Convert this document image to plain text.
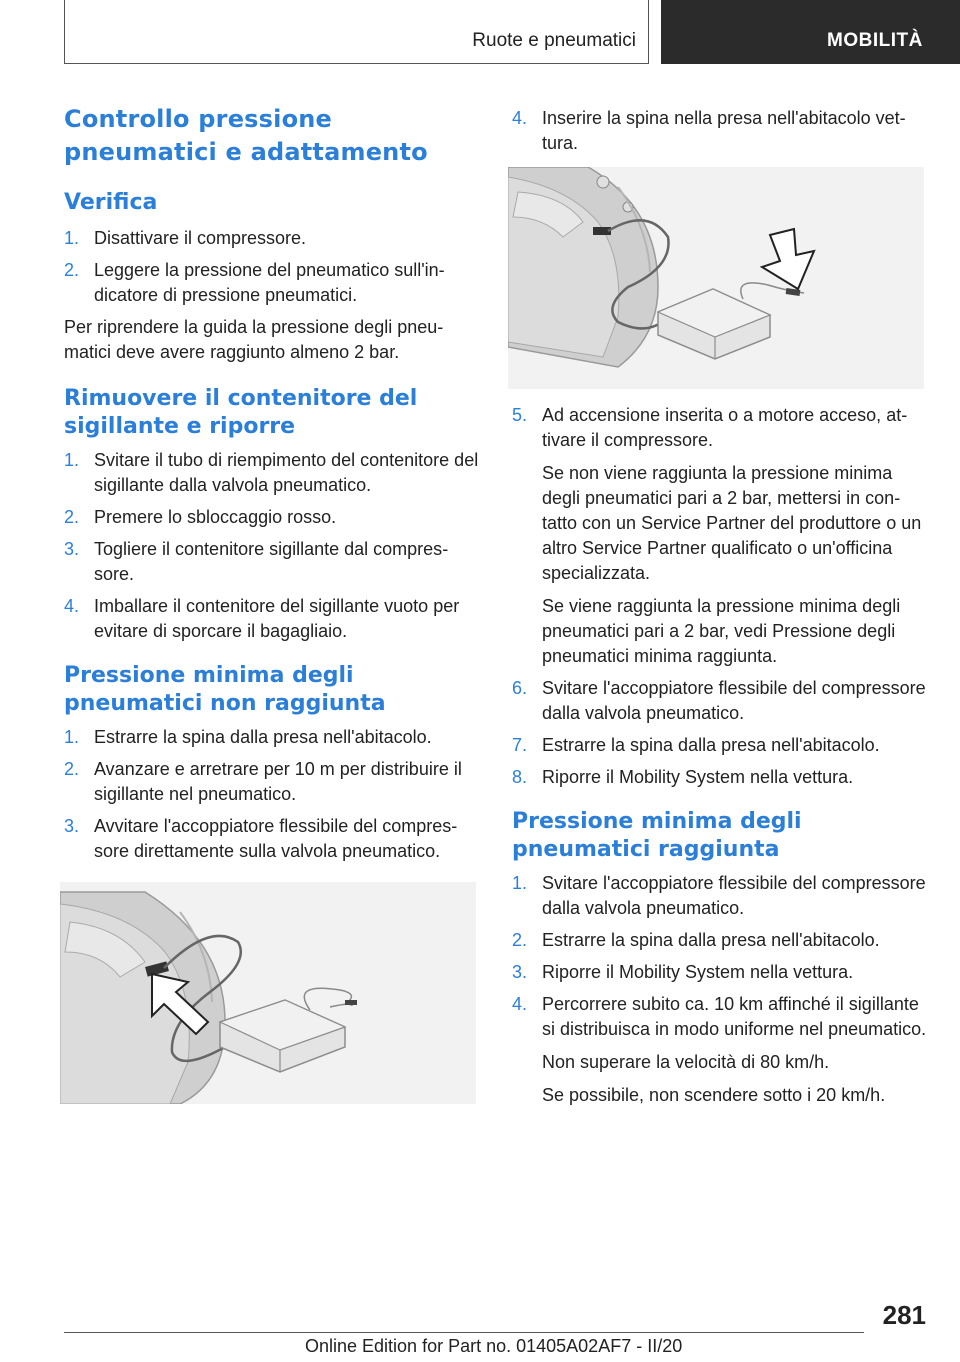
Ruote e pneumatici	MOBILITÀ
Controllo pressione pneumatici e adattamento
Verifica
1. Disattivare il compressore.
2. Leggere la pressione del pneumatico sull'indicatore di pressione pneumatici.

Per riprendere la guida la pressione degli pneumatici deve avere raggiunto almeno 2 bar.

Rimuovere il contenitore del sigillante e riporre
1. Svitare il tubo di riempimento del contenitore del sigillante dalla valvola pneumatico.
2. Premere lo sbloccaggio rosso.
3. Togliere il contenitore sigillante dal compressore.
4. Imballare il contenitore del sigillante vuoto per evitare di sporcare il bagagliaio.
Pressione minima degli pneumatici non raggiunta
1. Estrarre la spina dalla presa nell'abitacolo.
2. Avanzare e arretrare per 10 m per distribuire il sigillante nel pneumatico.
3. Avvitare l'accoppiatore flessibile del compressore direttamente sulla valvola pneumatico.
4. Inserire la spina nella presa nell'abitacolo vettura.
5. Ad accensione inserita o a motore acceso, attivare il compressore.

Se non viene raggiunta la pressione minima degli pneumatici pari a 2 bar, mettersi in contatto con un Service Partner del produttore o un altro Service Partner qualificato o un'officina specializzata.

Se viene raggiunta la pressione minima degli pneumatici pari a 2 bar, vedi Pressione degli pneumatici minima raggiunta.

6. Svitare l'accoppiatore flessibile del compressore dalla valvola pneumatico.
7. Estrarre la spina dalla presa nell'abitacolo.
8. Riporre il Mobility System nella vettura.
Pressione minima degli pneumatici raggiunta
1. Svitare l'accoppiatore flessibile del compressore dalla valvola pneumatico.
2. Estrarre la spina dalla presa nell'abitacolo.
3. Riporre il Mobility System nella vettura.
4. Percorrere subito ca. 10 km affinché il sigillante si distribuisca in modo uniforme nel pneumatico.

Non superare la velocità di 80 km/h.

Se possibile, non scendere sotto i 20 km/h.

281
Online Edition for Part no. 01405A02AF7 - II/20
